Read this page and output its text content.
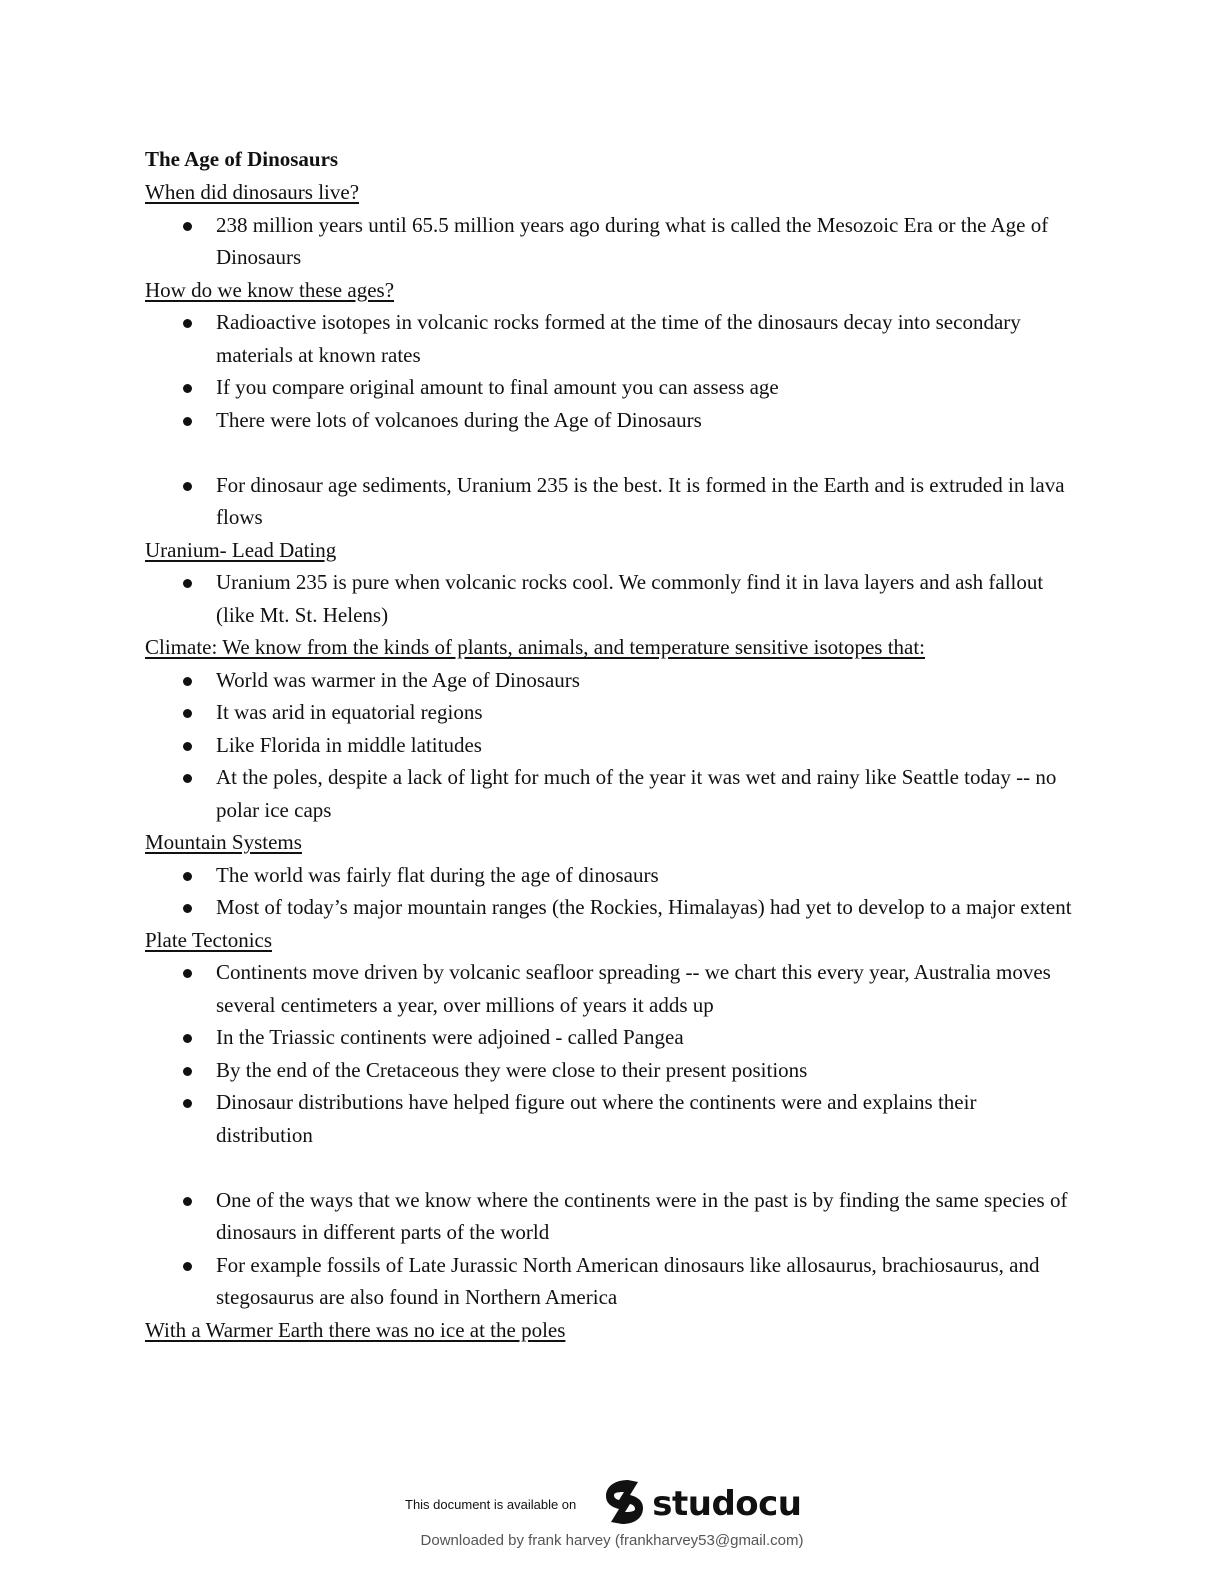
The Age of Dinosaurs
When did dinosaurs live?
238 million years until 65.5 million years ago during what is called the Mesozoic Era or the Age of Dinosaurs
How do we know these ages?
Radioactive isotopes in volcanic rocks formed at the time of the dinosaurs decay into secondary materials at known rates
If you compare original amount to final amount you can assess age
There were lots of volcanoes during the Age of Dinosaurs
For dinosaur age sediments, Uranium 235 is the best. It is formed in the Earth and is extruded in lava flows
Uranium- Lead Dating
Uranium 235 is pure when volcanic rocks cool. We commonly find it in lava layers and ash fallout (like Mt. St. Helens)
Climate: We know from the kinds of plants, animals, and temperature sensitive isotopes that:
World was warmer in the Age of Dinosaurs
It was arid in equatorial regions
Like Florida in middle latitudes
At the poles, despite a lack of light for much of the year it was wet and rainy like Seattle today -- no polar ice caps
Mountain Systems
The world was fairly flat during the age of dinosaurs
Most of today’s major mountain ranges (the Rockies, Himalayas) had yet to develop to a major extent
Plate Tectonics
Continents move driven by volcanic seafloor spreading -- we chart this every year, Australia moves several centimeters a year, over millions of years it adds up
In the Triassic continents were adjoined - called Pangea
By the end of the Cretaceous they were close to their present positions
Dinosaur distributions have helped figure out where the continents were and explains their distribution
One of the ways that we know where the continents were in the past is by finding the same species of dinosaurs in different parts of the world
For example fossils of Late Jurassic North American dinosaurs like allosaurus, brachiosaurus, and stegosaurus are also found in Northern America
With a Warmer Earth there was no ice at the poles
This document is available on studocu
Downloaded by frank harvey (frankharvey53@gmail.com)
